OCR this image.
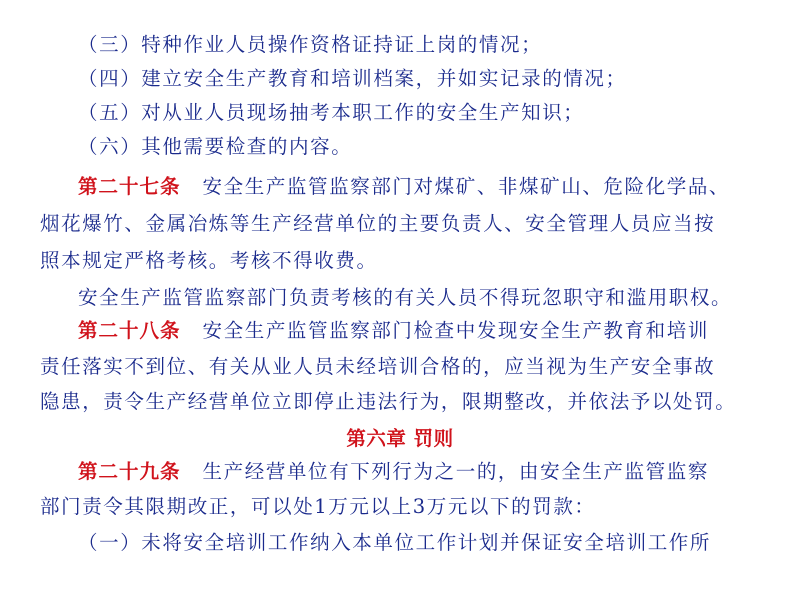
（三）特种作业人员操作资格证持证上岗的情况；
（四）建立安全生产教育和培训档案，并如实记录的情况；
（五）对从业人员现场抽考本职工作的安全生产知识；
（六）其他需要检查的内容。
第二十七条 安全生产监管监察部门对煤矿、非煤矿山、危险化学品、
烟花爆竹、金属冶炼等生产经营单位的主要负责人、安全管理人员应当按
照本规定严格考核。考核不得收费。
安全生产监管监察部门负责考核的有关人员不得玩忽职守和滥用职权。
第二十八条 安全生产监管监察部门检查中发现安全生产教育和培训
责任落实不到位、有关从业人员未经培训合格的，应当视为生产安全事故
隐患，责令生产经营单位立即停止违法行为，限期整改，并依法予以处罚。
第六章 罚则
第二十九条 生产经营单位有下列行为之一的，由安全生产监管监察
部门责令其限期改正，可以处1万元以上3万元以下的罚款：
（一）未将安全培训工作纳入本单位工作计划并保证安全培训工作所
